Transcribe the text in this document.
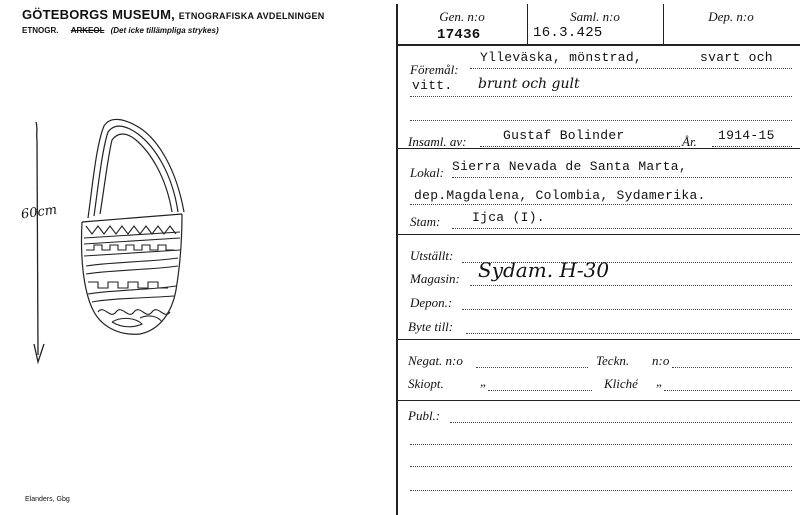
GÖTEBORGS MUSEUM, ETNOGRAFISKA AVDELNINGEN
ETNOGR. ARKEOL (Det icke tillämpliga strykes)
60cm
Elanders, Gbg
Gen. n:o
17436
Saml. n:o
16.3.425
Dep. n:o
Föremål:
Ylleväska, mönstrad,	svart och
vitt. brunt och gult
Insaml. av:	Gustaf Bolinder	År. 1914-15
Lokal: Sierra Nevada de Santa Marta,
dep.Magdalena, Colombia, Sydamerika.
Stam: Ijca (I).
Utställt:
Magasin: Sydam. H-30
Depon.:
Byte till:
Negat. n:o	Teckn. n:o
Skiopt.	„	Kliché „
Publ.:
